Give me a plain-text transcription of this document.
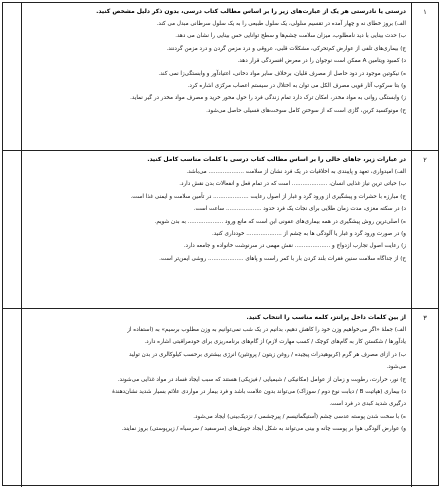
۱
درستی یا نادرستی هر یک از عبارت‌های زیر را بر اساس مطالب کتاب درسی، بدون ذکر دلیل مشخص کنید.
الف) بروز خطای نه و چهار آمده در تقسیم سلولی، یک سلول طبیعی را به یک سلول سرطانی مبدل می کند.
ب) حدت بینایی با دید نامطلوب، میزان سلامت چشم‌ها و سطح توانایی حس بینایی را نشان می دهد.
ج) بیماری‌های تلفی از عوارض کم‌تحرکی، مشکلات قلبی، عروقی و درد مزمن گردن و درد مزمن گردنند.
د) کمبود ویتامین A ممکن است نوجوان را در معرض افسردگی قرار دهد.
ه) نیکوتین موجود در دود حاصل از مصرف قلیان، برخلاف سایر مواد دخانی، اعتیادآور و وابستگی‌زا نمی کند.
و) بتا سرکوب آثار قویی مصرف الکل می توان به اختلال در سیستم اعصاب مرکزی اشاره کرد.
ز) وابستگی روانی به مواد مخدر، امکان ترک دارد تمام زندگی فرد را حول محور خرید و مصرف مواد مخدر در گیر نماید.
ح) مونوکسید کربن، گازی است که از سوختن کامل سوخت‌های فسیلی حاصل می‌شود.
۲
در عبارات زیر، جاهای خالی را بر اساس مطالب کتاب درسی با کلمات مناسب کامل کنید.
الف) امیدواری، تعهد و پایبندی به اخلاقیات در یک فرد نشان از سلامت .................... می‌باشد.
ب) حیاتی ترین نیاز غذایی انسان، .................... است که در تمام فعل و انفعالات بدن نقش دارد.
ج) مبارزه با حشرات و پیشگیری از ورود گرد و غبار از اصول رعایت .................... در تأمین سلامت و ایمنی غذا است.
د) در سکته مغزی، مدت زمان طلایی برای نجات یک فرد حدود .................... ساعت است.
ه) اصلی‌ترین روش پیشگیری در همه بیماری‌های عفونی این است که مانع ورود .................... به بدن شویم.
و) در صورت ورود گرد و غبار یا آلودگی ها به چشم از .................... خودداری کنید.
ز) رعایت اصول تجارب ازدواج و .................... نقش مهمی در سرنوشت خانواده و جامعه دارد.
ح) از جداگاه سلامت سنین فقرات بلند کردن بار با کمر راست و پاهای .................... روشی ایمن‌تر است.
۳
از بین کلمات داخل پرانتز، کلمه مناسب را انتخاب کنید.
الف) جملهٔ «اگر می‌خواهیم وزن خود را کاهش دهیم، بدانیم در یک شب نمی‌توانیم به وزن مطلوب برسیم» به (استفاده از
یادآورها / شکستن کار به گام‌های کوچک / کسب مهارت لازم) از گام‌های برنامه‌ریزی برای خودمراقبتی اشاره دارد.
ب) در ازای مصرف هر گرم (کربوهیدرات پیچیده / روغن زیتون / پروتئین) انرژی بیشتری برحسب کیلوکالری در بدن تولید
می‌شود.
ج) نور، حرارت، رطوبت و زمان از عوامل (مکانیکی / شیمیایی / فیزیکی) هستند که سبب ایجاد فساد در مواد غذایی می‌شوند.
د) بیماری (هپاتیت B / دیابت نوع دوم / سوزاک) می‌تواند بدون علامت باشد و فرد بیمار در مواردی علائم بسیار شدید نشان‌دهندهٔ
درگیری شدید کبدی در فرد است.
ه) با سخت شدن پوسته عدسی چشم (آستیگماتیسم / پیرچشمی / نزدیک‌بینی) ایجاد می‌شود.
و) عوارض آلودگی هوا بر پوست چانه و بینی می‌تواند به شکل ایجاد جوش‌های (سرسفید / سرسیاه / زیرپوستی) بروز نمایند.
